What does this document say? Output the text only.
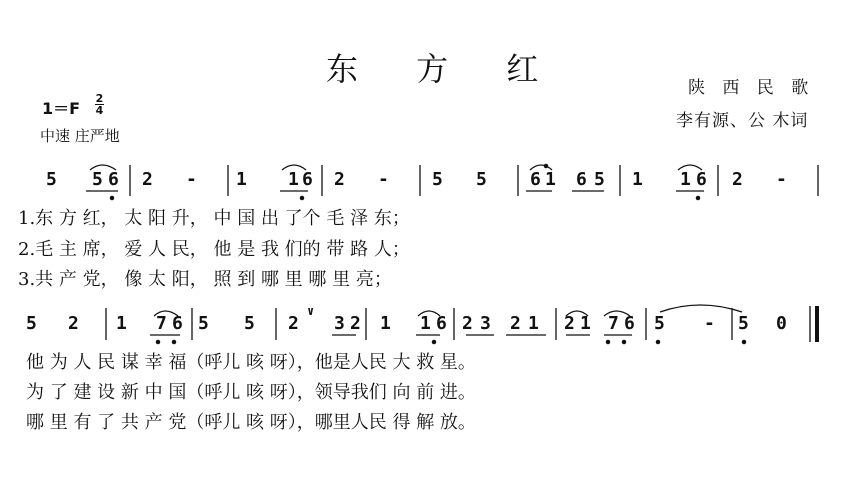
东 方 红	陕 西 民 歌
李有源、公 木词
1＝F
2
4
中速 庄严地
5 5 6 2 - 1 1 6 2 - 5 5 6 1 6 5 1 1 6 2 -
5 2 1 7 6 5 5 2 3 2 1 1 6 2 3 2 1 2 1 7 6 5 - 5 0
∨
1.东 方 红， 太 阳 升， 中 国 出 了个 毛 泽 东；
2.毛 主 席， 爱 人 民， 他 是 我 们的 带 路 人；
3.共 产 党， 像 太 阳， 照 到 哪 里 哪 里 亮；
他 为 人 民 谋 幸 福（呼儿 咳 呀），他是人民 大 救 星。
为 了 建 设 新 中 国（呼儿 咳 呀），领导我们 向 前 进。
哪 里 有 了 共 产 党（呼儿 咳 呀），哪里人民 得 解 放。
